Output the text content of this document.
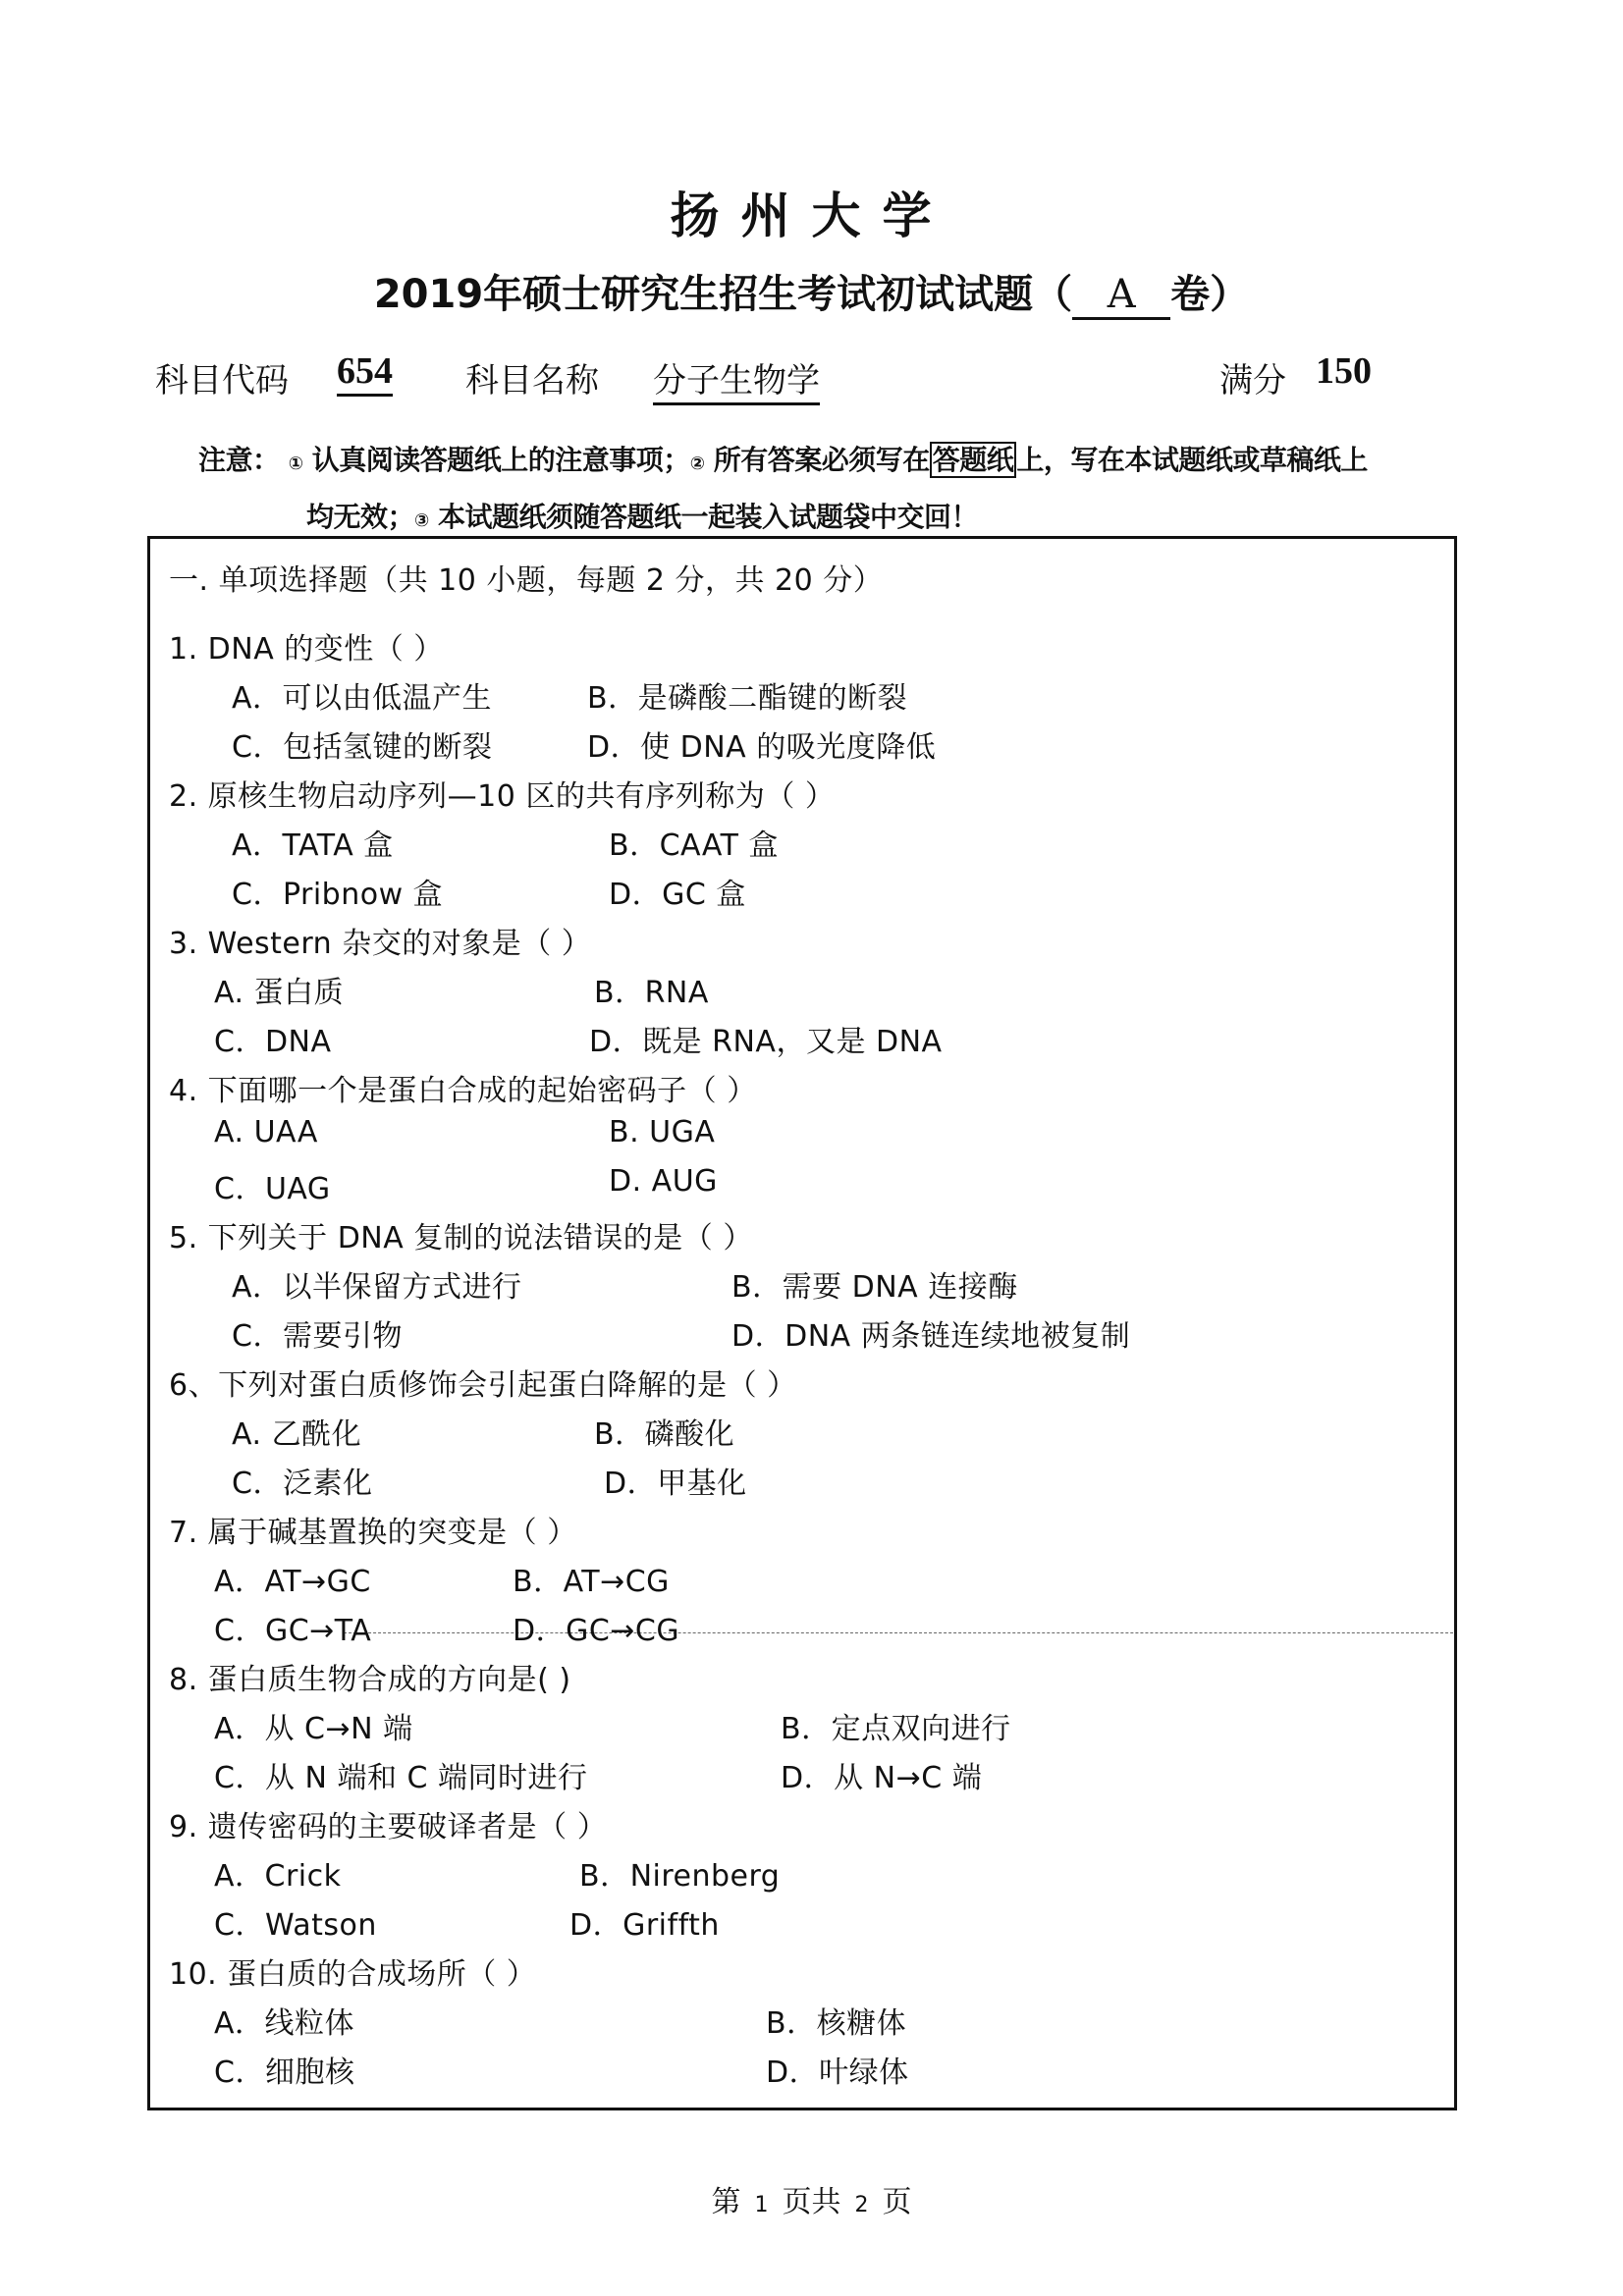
扬州大学
2019年硕士研究生招生考试初试试题（ A 卷）
科目代码 654 科目名称 分子生物学	满分 150
注意： ① 认真阅读答题纸上的注意事项；② 所有答案必须写在 答题纸 上，写在本试题纸或草稿纸上
均无效；③ 本试题纸须随答题纸一起装入试题袋中交回！
一. 单项选择题（共 10 小题，每题 2 分，共 20 分）
1. DNA 的变性（ ）
A．可以由低温产生	B．是磷酸二酯键的断裂
C．包括氢键的断裂	D．使 DNA 的吸光度降低
2. 原核生物启动序列—10 区的共有序列称为（ ）
A．TATA 盒	B．CAAT 盒
C．Pribnow 盒	D．GC 盒
3. Western 杂交的对象是（ ）
A. 蛋白质	B．RNA
C．DNA	D．既是 RNA，又是 DNA
4. 下面哪一个是蛋白合成的起始密码子（ ）
A. UAA	B. UGA
C．UAG	D. AUG
5. 下列关于 DNA 复制的说法错误的是（ ）
A．以半保留方式进行	B．需要 DNA 连接酶
C．需要引物	D．DNA 两条链连续地被复制
6、下列对蛋白质修饰会引起蛋白降解的是（ ）
A. 乙酰化	B．磷酸化
C．泛素化	D．甲基化
7. 属于碱基置换的突变是（ ）
A．AT→GC	B．AT→CG
C．GC→TA	D．GC→CG
8. 蛋白质生物合成的方向是( )
A．从 C→N 端	B．定点双向进行
C．从 N 端和 C 端同时进行	D．从 N→C 端
9. 遗传密码的主要破译者是（ ）
A．Crick	B．Nirenberg
C．Watson	D．Griffth
10. 蛋白质的合成场所（ ）
A．线粒体	B．核糖体
C．细胞核	D．叶绿体
第 1 页共 2 页
